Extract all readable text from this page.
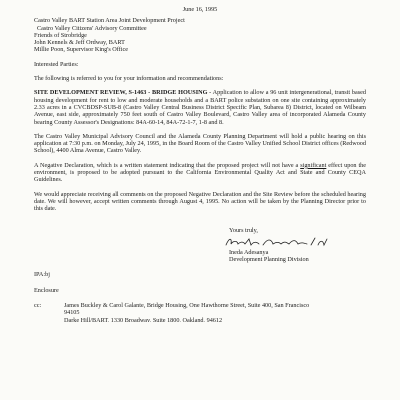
June 16, 1995
Castro Valley BART Station Area Joint Development Project
Castro Valley Citizens' Advisory Committee
Friends of Strobridge
John Kennels & Jeff Ordway, BART
Millie Poon, Supervisor King's Office
Interested Parties:
The following is referred to you for your information and recommendations:

SITE DEVELOPMENT REVIEW, S-1463 - BRIDGE HOUSING - Application to allow a 96 unit intergenerational, transit based housing development for rent to low and moderate households and a BART police substation on one site containing approximately 2.33 acres in a CVCBDSP-SUB-8 (Castro Valley Central Business District Specific Plan, Subarea 8) District, located on Wilbeam Avenue, east side, approximately 750 feet south of Castro Valley Boulevard, Castro Valley area of incorporated Alameda County bearing County Assessor's Designations: 84A-60-14, 84A-72-1-7, 1-8 and 8.

The Castro Valley Municipal Advisory Council and the Alameda County Planning Department will hold a public hearing on this application at 7:30 p.m. on Monday, July 24, 1995, in the Board Room of the Castro Valley Unified School District offices (Redwood School), 4400 Alma Avenue, Castro Valley.

A Negative Declaration, which is a written statement indicating that the proposed project will not have a significant effect upon the environment, is proposed to be adopted pursuant to the California Environmental Quality Act and State and County CEQA Guidelines.

We would appreciate receiving all comments on the proposed Negative Declaration and the Site Review before the scheduled hearing date. We will however, accept written comments through August 4, 1995. No action will be taken by the Planning Director prior to this date.

Yours truly,
Ineda Adesanya
Development Planning Division
IPA:bj
Enclosure
cc:	James Buckley & Carol Galante, Bridge Housing, One Hawthorne Street, Suite 400, San Francisco
94105
Darke Hill/BART, 1330 Broadway, Suite 1800, Oakland, 94612
